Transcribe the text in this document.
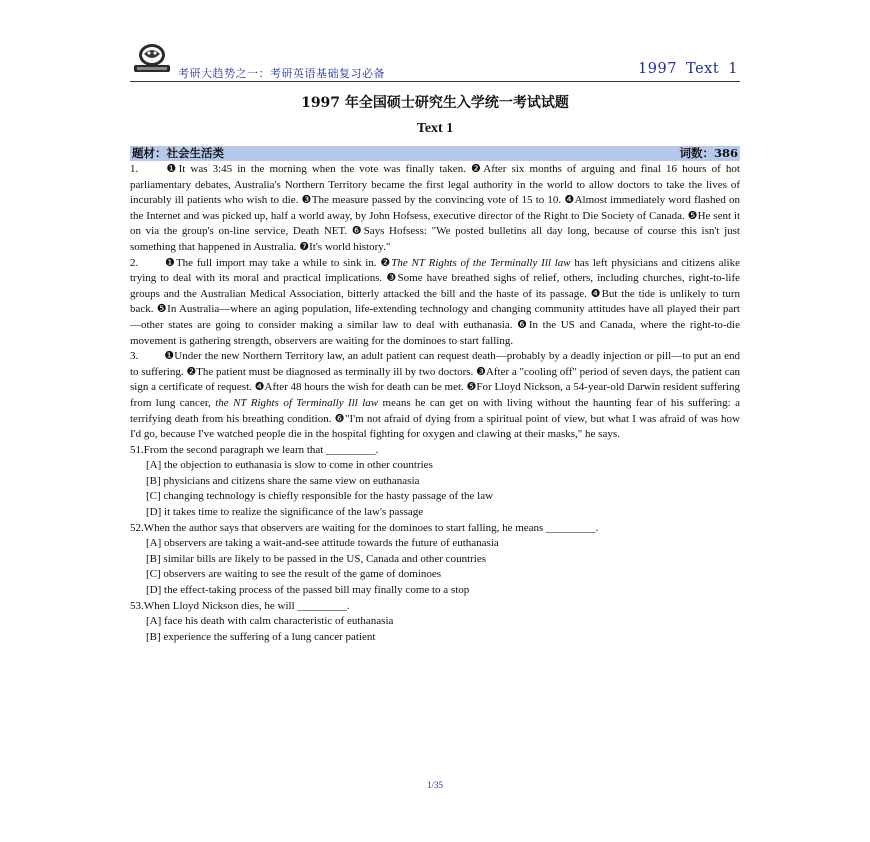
考研大趋势之一：考研英语基础复习必备	1997 Text 1
1997 年全国硕士研究生入学统一考试试题
Text 1
题材：社会生活类	词数：386

1. ❶It was 3:45 in the morning when the vote was finally taken. ❷After six months of arguing and final 16 hours of hot parliamentary debates, Australia's Northern Territory became the first legal authority in the world to allow doctors to take the lives of incurably ill patients who wish to die. ❸The measure passed by the convincing vote of 15 to 10. ❹Almost immediately word flashed on the Internet and was picked up, half a world away, by John Hofsess, executive director of the Right to Die Society of Canada. ❺He sent it on via the group's on-line service, Death NET. ❻Says Hofsess: "We posted bulletins all day long, because of course this isn't just something that happened in Australia. ❼It's world history."

2. ❶The full import may take a while to sink in. ❷The NT Rights of the Terminally Ill law has left physicians and citizens alike trying to deal with its moral and practical implications. ❸Some have breathed sighs of relief, others, including churches, right-to-life groups and the Australian Medical Association, bitterly attacked the bill and the haste of its passage. ❹But the tide is unlikely to turn back. ❺In Australia—where an aging population, life-extending technology and changing community attitudes have all played their part—other states are going to consider making a similar law to deal with euthanasia. ❻In the US and Canada, where the right-to-die movement is gathering strength, observers are waiting for the dominoes to start falling.

3. ❶Under the new Northern Territory law, an adult patient can request death—probably by a deadly injection or pill—to put an end to suffering. ❷The patient must be diagnosed as terminally ill by two doctors. ❸After a "cooling off" period of seven days, the patient can sign a certificate of request. ❹After 48 hours the wish for death can be met. ❺For Lloyd Nickson, a 54-year-old Darwin resident suffering from lung cancer, the NT Rights of Terminally Ill law means he can get on with living without the haunting fear of his suffering: a terrifying death from his breathing condition. ❻"I'm not afraid of dying from a spiritual point of view, but what I was afraid of was how I'd go, because I've watched people die in the hospital fighting for oxygen and clawing at their masks," he says.

51.From the second paragraph we learn that _________.

[A] the objection to euthanasia is slow to come in other countries

[B] physicians and citizens share the same view on euthanasia

[C] changing technology is chiefly responsible for the hasty passage of the law

[D] it takes time to realize the significance of the law's passage

52.When the author says that observers are waiting for the dominoes to start falling, he means _________.

[A] observers are taking a wait-and-see attitude towards the future of euthanasia

[B] similar bills are likely to be passed in the US, Canada and other countries

[C] observers are waiting to see the result of the game of dominoes

[D] the effect-taking process of the passed bill may finally come to a stop

53.When Lloyd Nickson dies, he will _________.

[A] face his death with calm characteristic of euthanasia

[B] experience the suffering of a lung cancer patient

1/35
